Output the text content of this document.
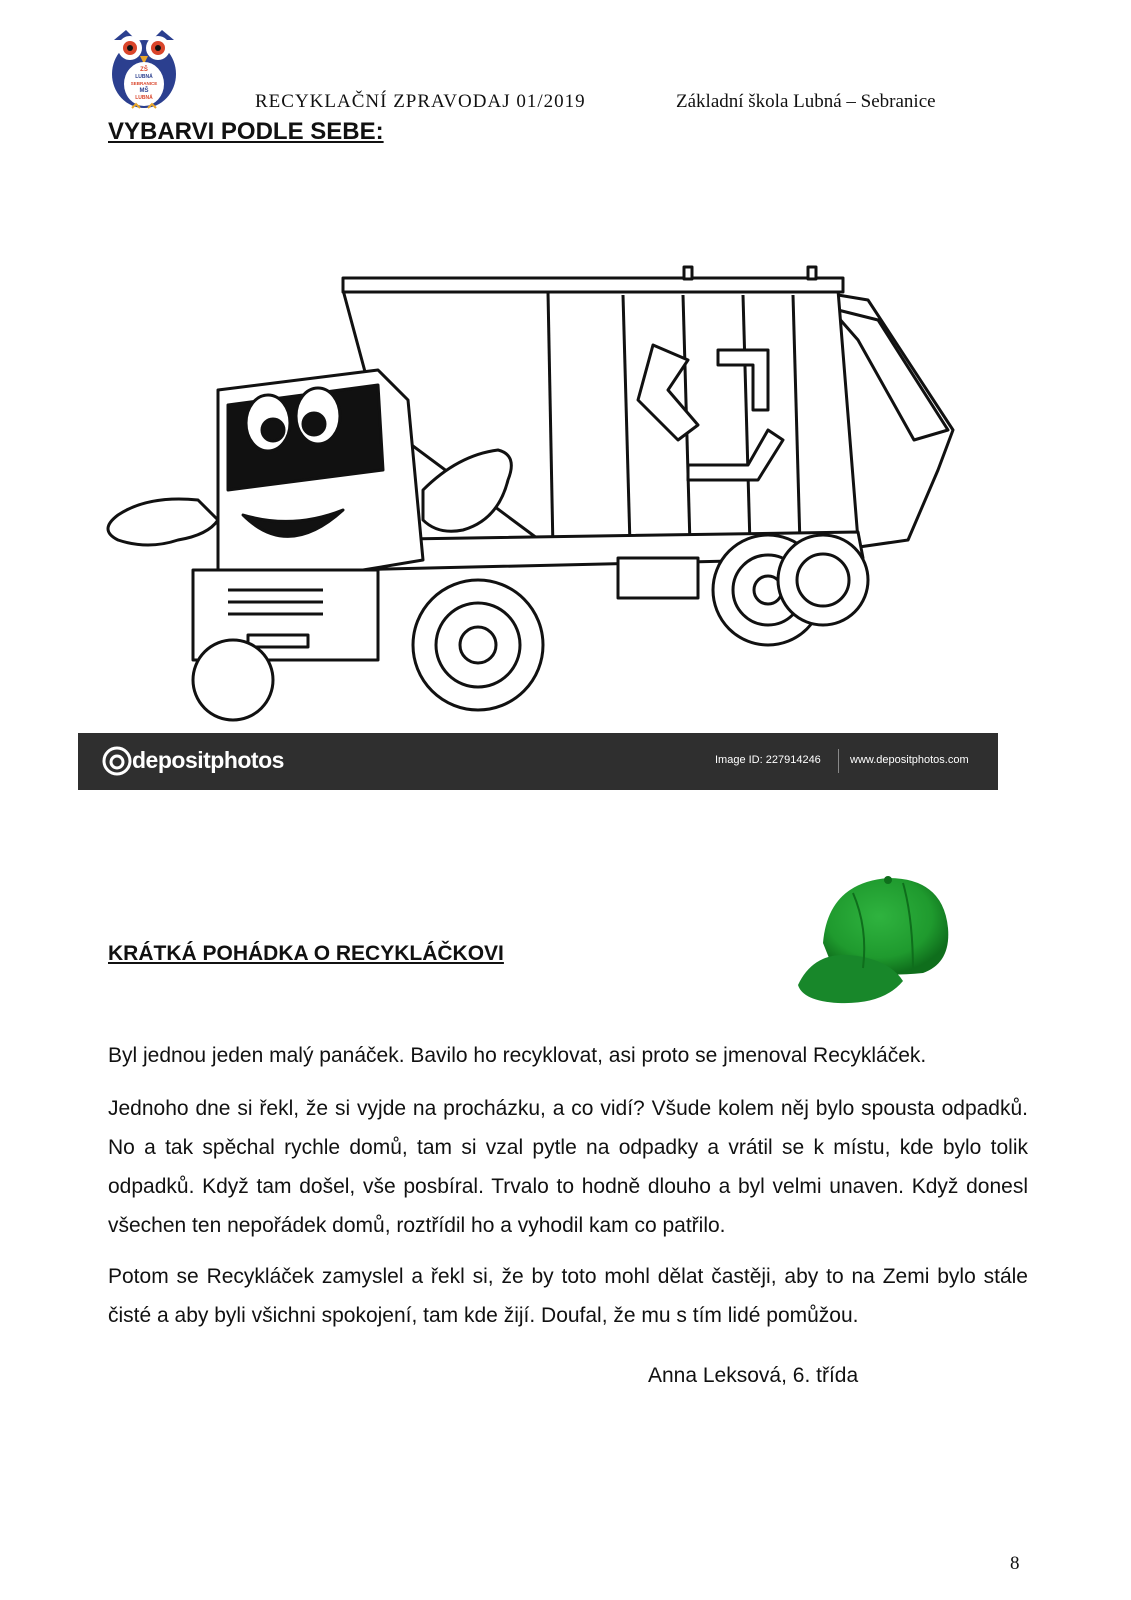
ZŠ
LUBNÁ
SEBRANICE
MŠ
LUBNÁ	RECYKLAČNÍ ZPRAVODAJ 01/2019	Základní škola Lubná – Sebranice
VYBARVI PODLE SEBE:
depositphotos	Image ID: 227914246	www.depositphotos.com
KRÁTKÁ POHÁDKA O RECYKLÁČKOVI

Byl jednou jeden malý panáček. Bavilo ho recyklovat, asi proto se jmenoval Recykláček.

Jednoho dne si řekl, že si vyjde na procházku, a co vidí? Všude kolem něj bylo spousta odpadků. No a tak spěchal rychle domů, tam si vzal pytle na odpadky a vrátil se k místu, kde bylo tolik odpadků. Když tam došel, vše posbíral. Trvalo to hodně dlouho a byl velmi unaven. Když donesl všechen ten nepořádek domů, roztřídil ho a vyhodil kam co patřilo.

Potom se Recykláček zamyslel a řekl si, že by toto mohl dělat častěji, aby to na Zemi bylo stále čisté a aby byli všichni spokojení, tam kde žijí. Doufal, že mu s tím lidé pomůžou.

Anna Leksová, 6. třída
8
